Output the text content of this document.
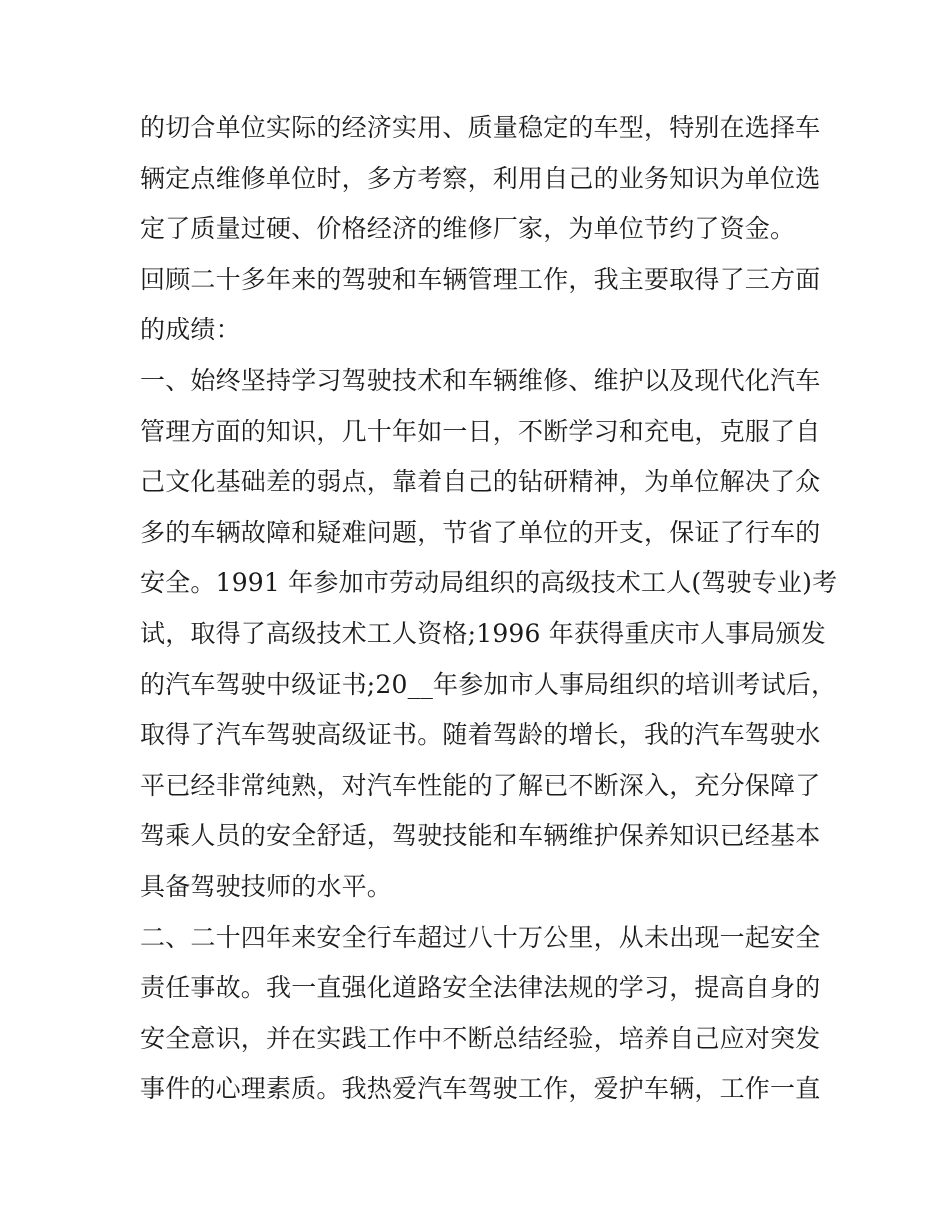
的切合单位实际的经济实用、质量稳定的车型，特别在选择车
辆定点维修单位时，多方考察，利用自己的业务知识为单位选
定了质量过硬、价格经济的维修厂家，为单位节约了资金。
回顾二十多年来的驾驶和车辆管理工作，我主要取得了三方面
的成绩：
一、始终坚持学习驾驶技术和车辆维修、维护以及现代化汽车
管理方面的知识，几十年如一日，不断学习和充电，克服了自
己文化基础差的弱点，靠着自己的钻研精神，为单位解决了众
多的车辆故障和疑难问题，节省了单位的开支，保证了行车的
安全。1991 年参加市劳动局组织的高级技术工人(驾驶专业)考
试，取得了高级技术工人资格;1996 年获得重庆市人事局颁发
的汽车驾驶中级证书;20__年参加市人事局组织的培训考试后，
取得了汽车驾驶高级证书。随着驾龄的增长，我的汽车驾驶水
平已经非常纯熟，对汽车性能的了解已不断深入，充分保障了
驾乘人员的安全舒适，驾驶技能和车辆维护保养知识已经基本
具备驾驶技师的水平。
二、二十四年来安全行车超过八十万公里，从未出现一起安全
责任事故。我一直强化道路安全法律法规的学习，提高自身的
安全意识，并在实践工作中不断总结经验，培养自己应对突发
事件的心理素质。我热爱汽车驾驶工作，爱护车辆，工作一直
